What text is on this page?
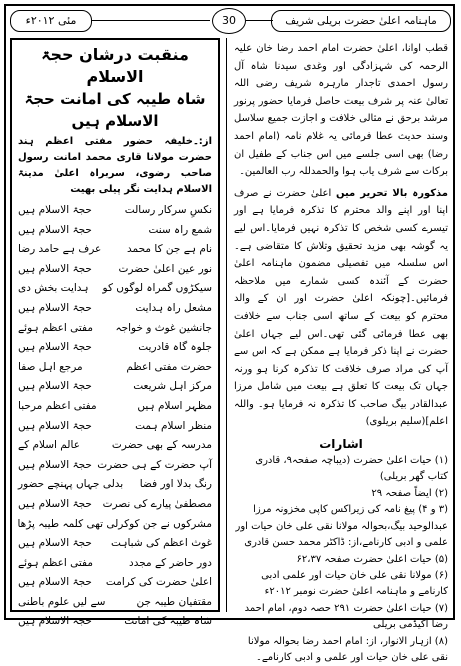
مئی ۲۰۱۲ء	30	ماہنامہ اعلیٰ حضرت بریلی شریف

منقبت درشان حجۃ الاسلام

شاہ طیبہ کی امانت حجۃ الاسلام ہیں

از:۔خلیفہ حضور مفتی اعظم ہند حضرت مولانا قاری محمد امانت رسول صاحب رضوی، سربراہ اعلیٰ مدینۃ الاسلام ہدایت نگر پیلی بھیت

نکسِ سرکار رسالت
حجۃ الاسلام ہیں
شمع راہ سنت
حجۃ الاسلام ہیں
نام ہے جن کا محمد
عرف ہے حامد رضا
نور عین اعلیٰ حضرت
حجۃ الاسلام ہیں
سیکڑوں گمراہ لوگوں کو
ہدایت بخش دی
مشعل راہ ہدایت
حجۃ الاسلام ہیں
جانشین غوث و خواجہ
مفتی اعظم ہوئے
جلوہ گاہ قادریت
حجۃ الاسلام ہیں
حضرت مفتی اعظم
مرجع اہل صفا
مرکز اہل شریعت
حجۃ الاسلام ہیں
مظہر اسلام ہیں
مفتی اعظم مرحبا
منظر اسلام ہمت
حجۃ الاسلام ہیں
مدرسہ کے بھی حضرت
عالم اسلام کے
آپ حضرت کے ہی حضرت
حجۃ الاسلام ہیں
رنگ بدلا اور فضا
بدلی جہاں پہنچے حضور
مصطفیٰ پیارے کی نصرت
حجۃ الاسلام ہیں
مشرکوں نے جن کو
کرلی تھی کلمہ طیبہ پڑھا
غوث اعظم کی شباہت
حجۃ الاسلام ہیں
دور حاضر کے مجدد
مفتی اعظم ہوئے
اعلیٰ حضرت کی کرامت
حجۃ الاسلام ہیں
مقتفیان طیبہ جن
سے لیں علوم باطنی
شاہ طیبہ کی امانت
حجۃ الاسلام ہیں

قطب اوانا، اعلیٰ حضرت امام احمد رضا خان علیہ الرحمہ کی شہزادگی اور وغدی سیدنا شاہ آل رسول احمدی تاجدار مارہرہ شریف رضی اللہ تعالیٰ عنہ پر شرف بیعت حاصل فرمایا حضور پرنور مرشد برحق نے مثالی خلافت و اجازت جمیع سلاسل وسند حدیث عطا فرمائی یہ غلام نامہ (امام احمد رضا) بھی اسی جلسے میں اس جناب کے طفیل ان برکات سے شرف یاب ہوا والحمدللہ رب العالمین۔

مذکورہ بالا تحریر میں اعلیٰ حضرت نے صرف اپنا اور اپنے والد محترم کا تذکرہ فرمایا ہے اور تیسرے کسی شخص کا تذکرہ نہیں فرمایا۔اس لیے یہ گوشہ بھی مزید تحقیق وتلاش کا متقاضی ہے۔ اس سلسلہ میں تفصیلی مضمون ماہنامہ اعلیٰ حضرت کے آئندہ کسی شمارے میں ملاحظہ فرمائیں۔[چونکہ اعلیٰ حضرت اور ان کے والد محترم کو بیعت کے ساتھ اسی جناب سے خلافت بھی عطا فرمائی گئی تھی۔اس لیے جہاں اعلیٰ حضرت نے اپنا ذکر فرمایا ہے ممکن ہے کہ اس سے آپ کی مراد صرف خلافت کا تذکرہ کرنا ہو ورنہ جہاں تک بیعت کا تعلق ہے بیعت میں شامل مرزا عبدالقادر بیگ صاحب کا تذکرہ نہ فرمایا ہو۔ واللہ اعلم](سلیم بریلوی)

اشارات

(۱) حیات اعلیٰ حضرت (دیباچہ صفحہ۹، قادری کتاب گھر بریلی)

(۲) ایضاً صفحہ ۲۹

(۳ و ۴) پیغ نامہ کی زیراکس کاپی مخزونہ مرزا عبدالوحید بیگ،بحوالہ مولانا نقی علی خان حیات اور علمی و ادبی کارنامے،از: ڈاکٹر محمد حسن قادری

(۵) حیات اعلیٰ حضرت صفحہ ۶۲،۳۷

(۶) مولانا نقی علی خان حیات اور علمی ادبی کارنامے و ماہنامہ اعلیٰ حضرت نومبر ۲۰۱۲ء

(۷) حیات اعلیٰ حضرت ۲۹۱ حصہ دوم، امام احمد رضا اکیڈمی بریلی

(۸) ازہار الانوار، از: امام احمد رضا بحوالہ مولانا نقی علی خان حیات اور علمی و ادبی کارنامے۔
